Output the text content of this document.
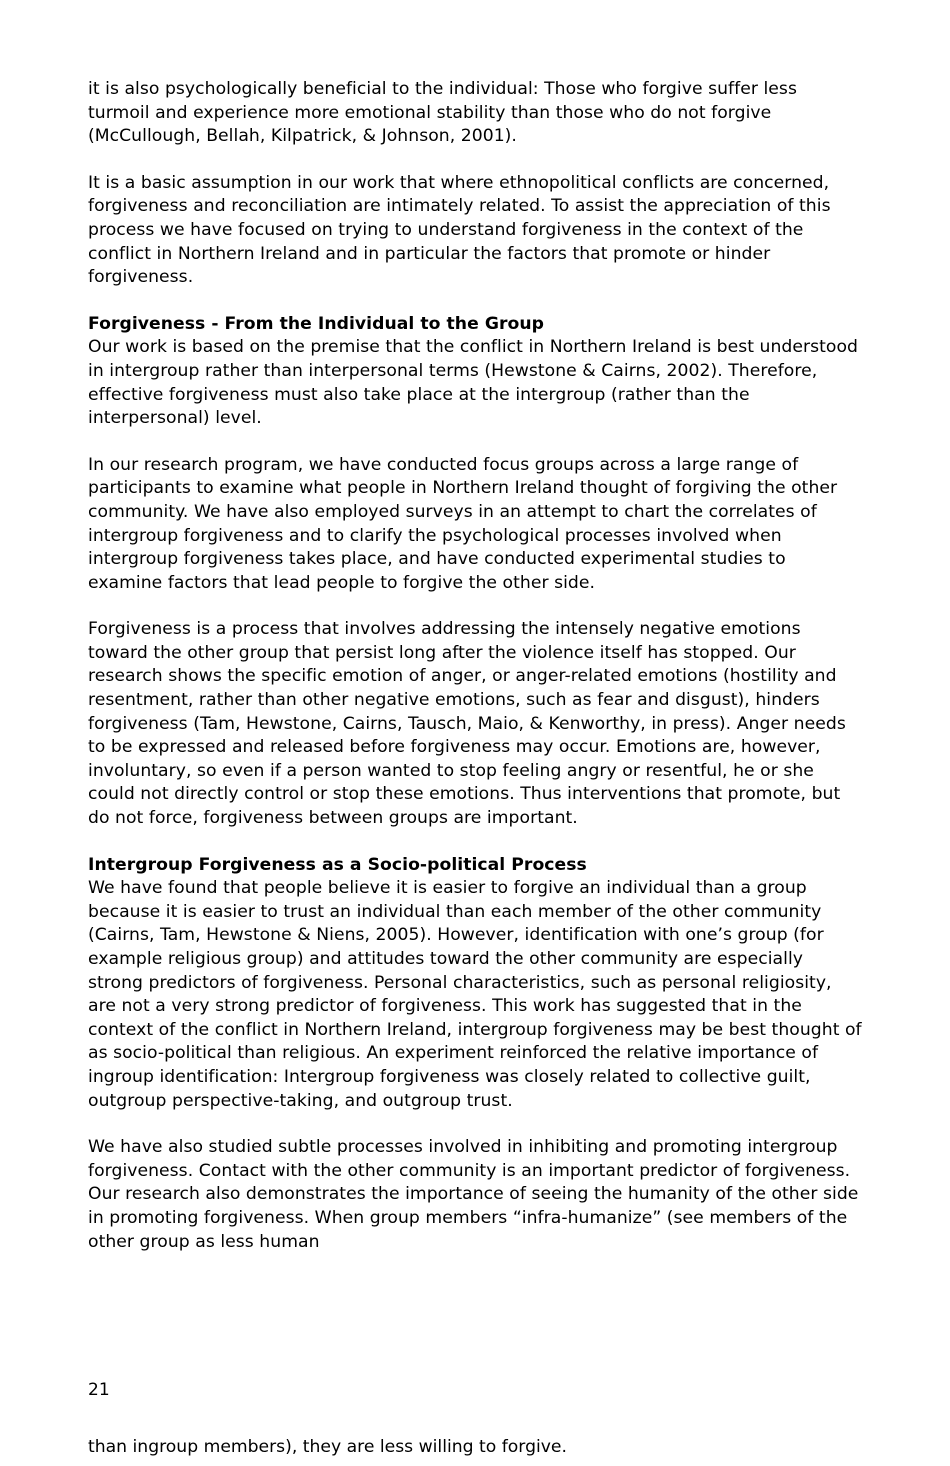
it is also psychologically beneficial to the individual: Those who forgive suffer less turmoil and experience more emotional stability than those who do not forgive (McCullough, Bellah, Kilpatrick, & Johnson, 2001).

It is a basic assumption in our work that where ethnopolitical conflicts are concerned, forgiveness and reconciliation are intimately related. To assist the appreciation of this process we have focused on trying to understand forgiveness in the context of the conflict in Northern Ireland and in particular the factors that promote or hinder forgiveness.

Forgiveness - From the Individual to the Group

Our work is based on the premise that the conflict in Northern Ireland is best understood in intergroup rather than interpersonal terms (Hewstone & Cairns, 2002). Therefore, effective forgiveness must also take place at the intergroup (rather than the interpersonal) level.

In our research program, we have conducted focus groups across a large range of participants to examine what people in Northern Ireland thought of forgiving the other community. We have also employed surveys in an attempt to chart the correlates of intergroup forgiveness and to clarify the psychological processes involved when intergroup forgiveness takes place, and have conducted experimental studies to examine factors that lead people to forgive the other side.

Forgiveness is a process that involves addressing the intensely negative emotions toward the other group that persist long after the violence itself has stopped. Our research shows the specific emotion of anger, or anger-related emotions (hostility and resentment, rather than other negative emotions, such as fear and disgust), hinders forgiveness (Tam, Hewstone, Cairns, Tausch, Maio, & Kenworthy, in press). Anger needs to be expressed and released before forgiveness may occur. Emotions are, however, involuntary, so even if a person wanted to stop feeling angry or resentful, he or she could not directly control or stop these emotions. Thus interventions that promote, but do not force, forgiveness between groups are important.

Intergroup Forgiveness as a Socio-political Process

We have found that people believe it is easier to forgive an individual than a group because it is easier to trust an individual than each member of the other community (Cairns, Tam, Hewstone & Niens, 2005). However, identification with one’s group (for example religious group) and attitudes toward the other community are especially strong predictors of forgiveness. Personal characteristics, such as personal religiosity, are not a very strong predictor of forgiveness. This work has suggested that in the context of the conflict in Northern Ireland, intergroup forgiveness may be best thought of as socio-political than religious. An experiment reinforced the relative importance of ingroup identification: Intergroup forgiveness was closely related to collective guilt, outgroup perspective-taking, and outgroup trust.

We have also studied subtle processes involved in inhibiting and promoting intergroup forgiveness. Contact with the other community is an important predictor of forgiveness. Our research also demonstrates the importance of seeing the humanity of the other side in promoting forgiveness. When group members “infra-humanize” (see members of the other group as less human

21
than ingroup members), they are less willing to forgive.
